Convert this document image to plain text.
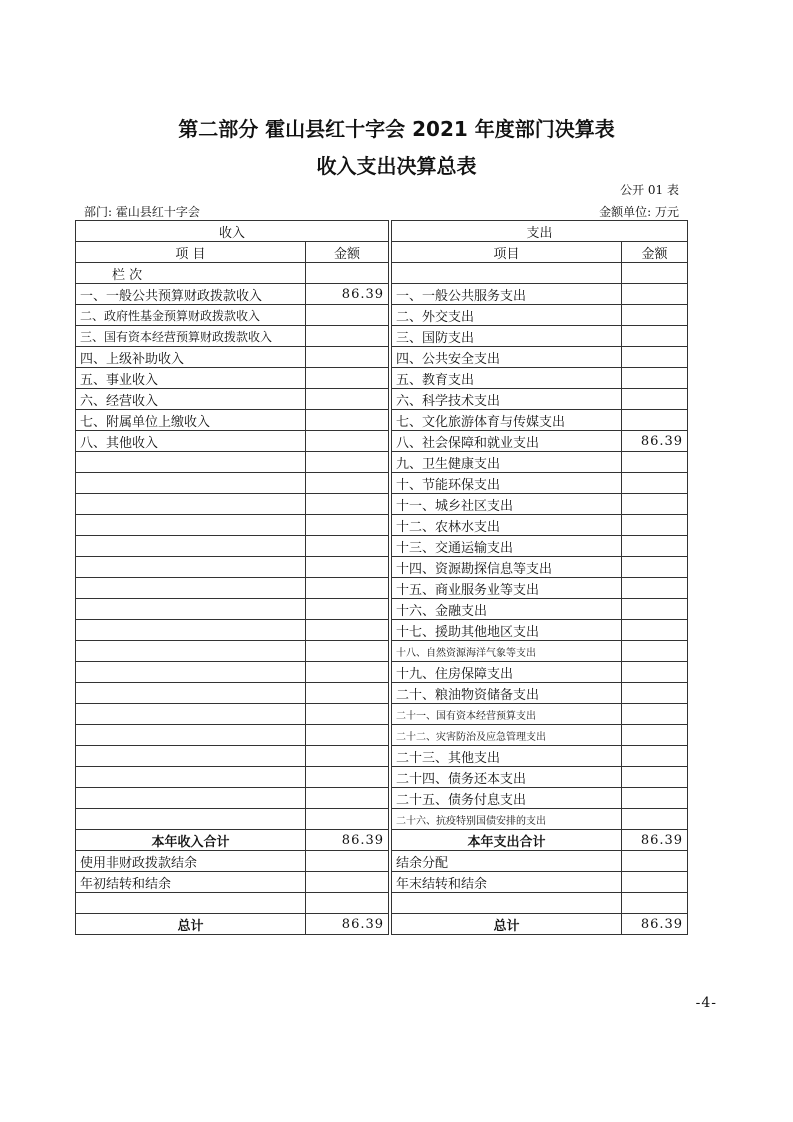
第二部分 霍山县红十字会 2021 年度部门决算表
收入支出决算总表
公开 01 表
部门: 霍山县红十字会	金额单位: 万元
收入			支出	
项 目	金额		项目	金额
栏 次				
一、一般公共预算财政拨款收入	86.39		一、一般公共服务支出	
二、政府性基金预算财政拨款收入			二、外交支出	
三、国有资本经营预算财政拨款收入			三、国防支出	
四、上级补助收入			四、公共安全支出	
五、事业收入			五、教育支出	
六、经营收入			六、科学技术支出	
七、附属单位上缴收入			七、文化旅游体育与传媒支出	
八、其他收入			八、社会保障和就业支出	86.39
			九、卫生健康支出	
			十、节能环保支出	
			十一、城乡社区支出	
			十二、农林水支出	
			十三、交通运输支出	
			十四、资源勘探信息等支出	
			十五、商业服务业等支出	
			十六、金融支出	
			十七、援助其他地区支出	
			十八、自然资源海洋气象等支出	
			十九、住房保障支出	
			二十、粮油物资储备支出	
			二十一、国有资本经营预算支出	
			二十二、灾害防治及应急管理支出	
			二十三、其他支出	
			二十四、债务还本支出	
			二十五、债务付息支出	
			二十六、抗疫特别国债安排的支出	
本年收入合计	86.39		本年支出合计	86.39
使用非财政拨款结余			结余分配	
年初结转和结余			年末结转和结余	

总计	86.39		总计	86.39
-4-
